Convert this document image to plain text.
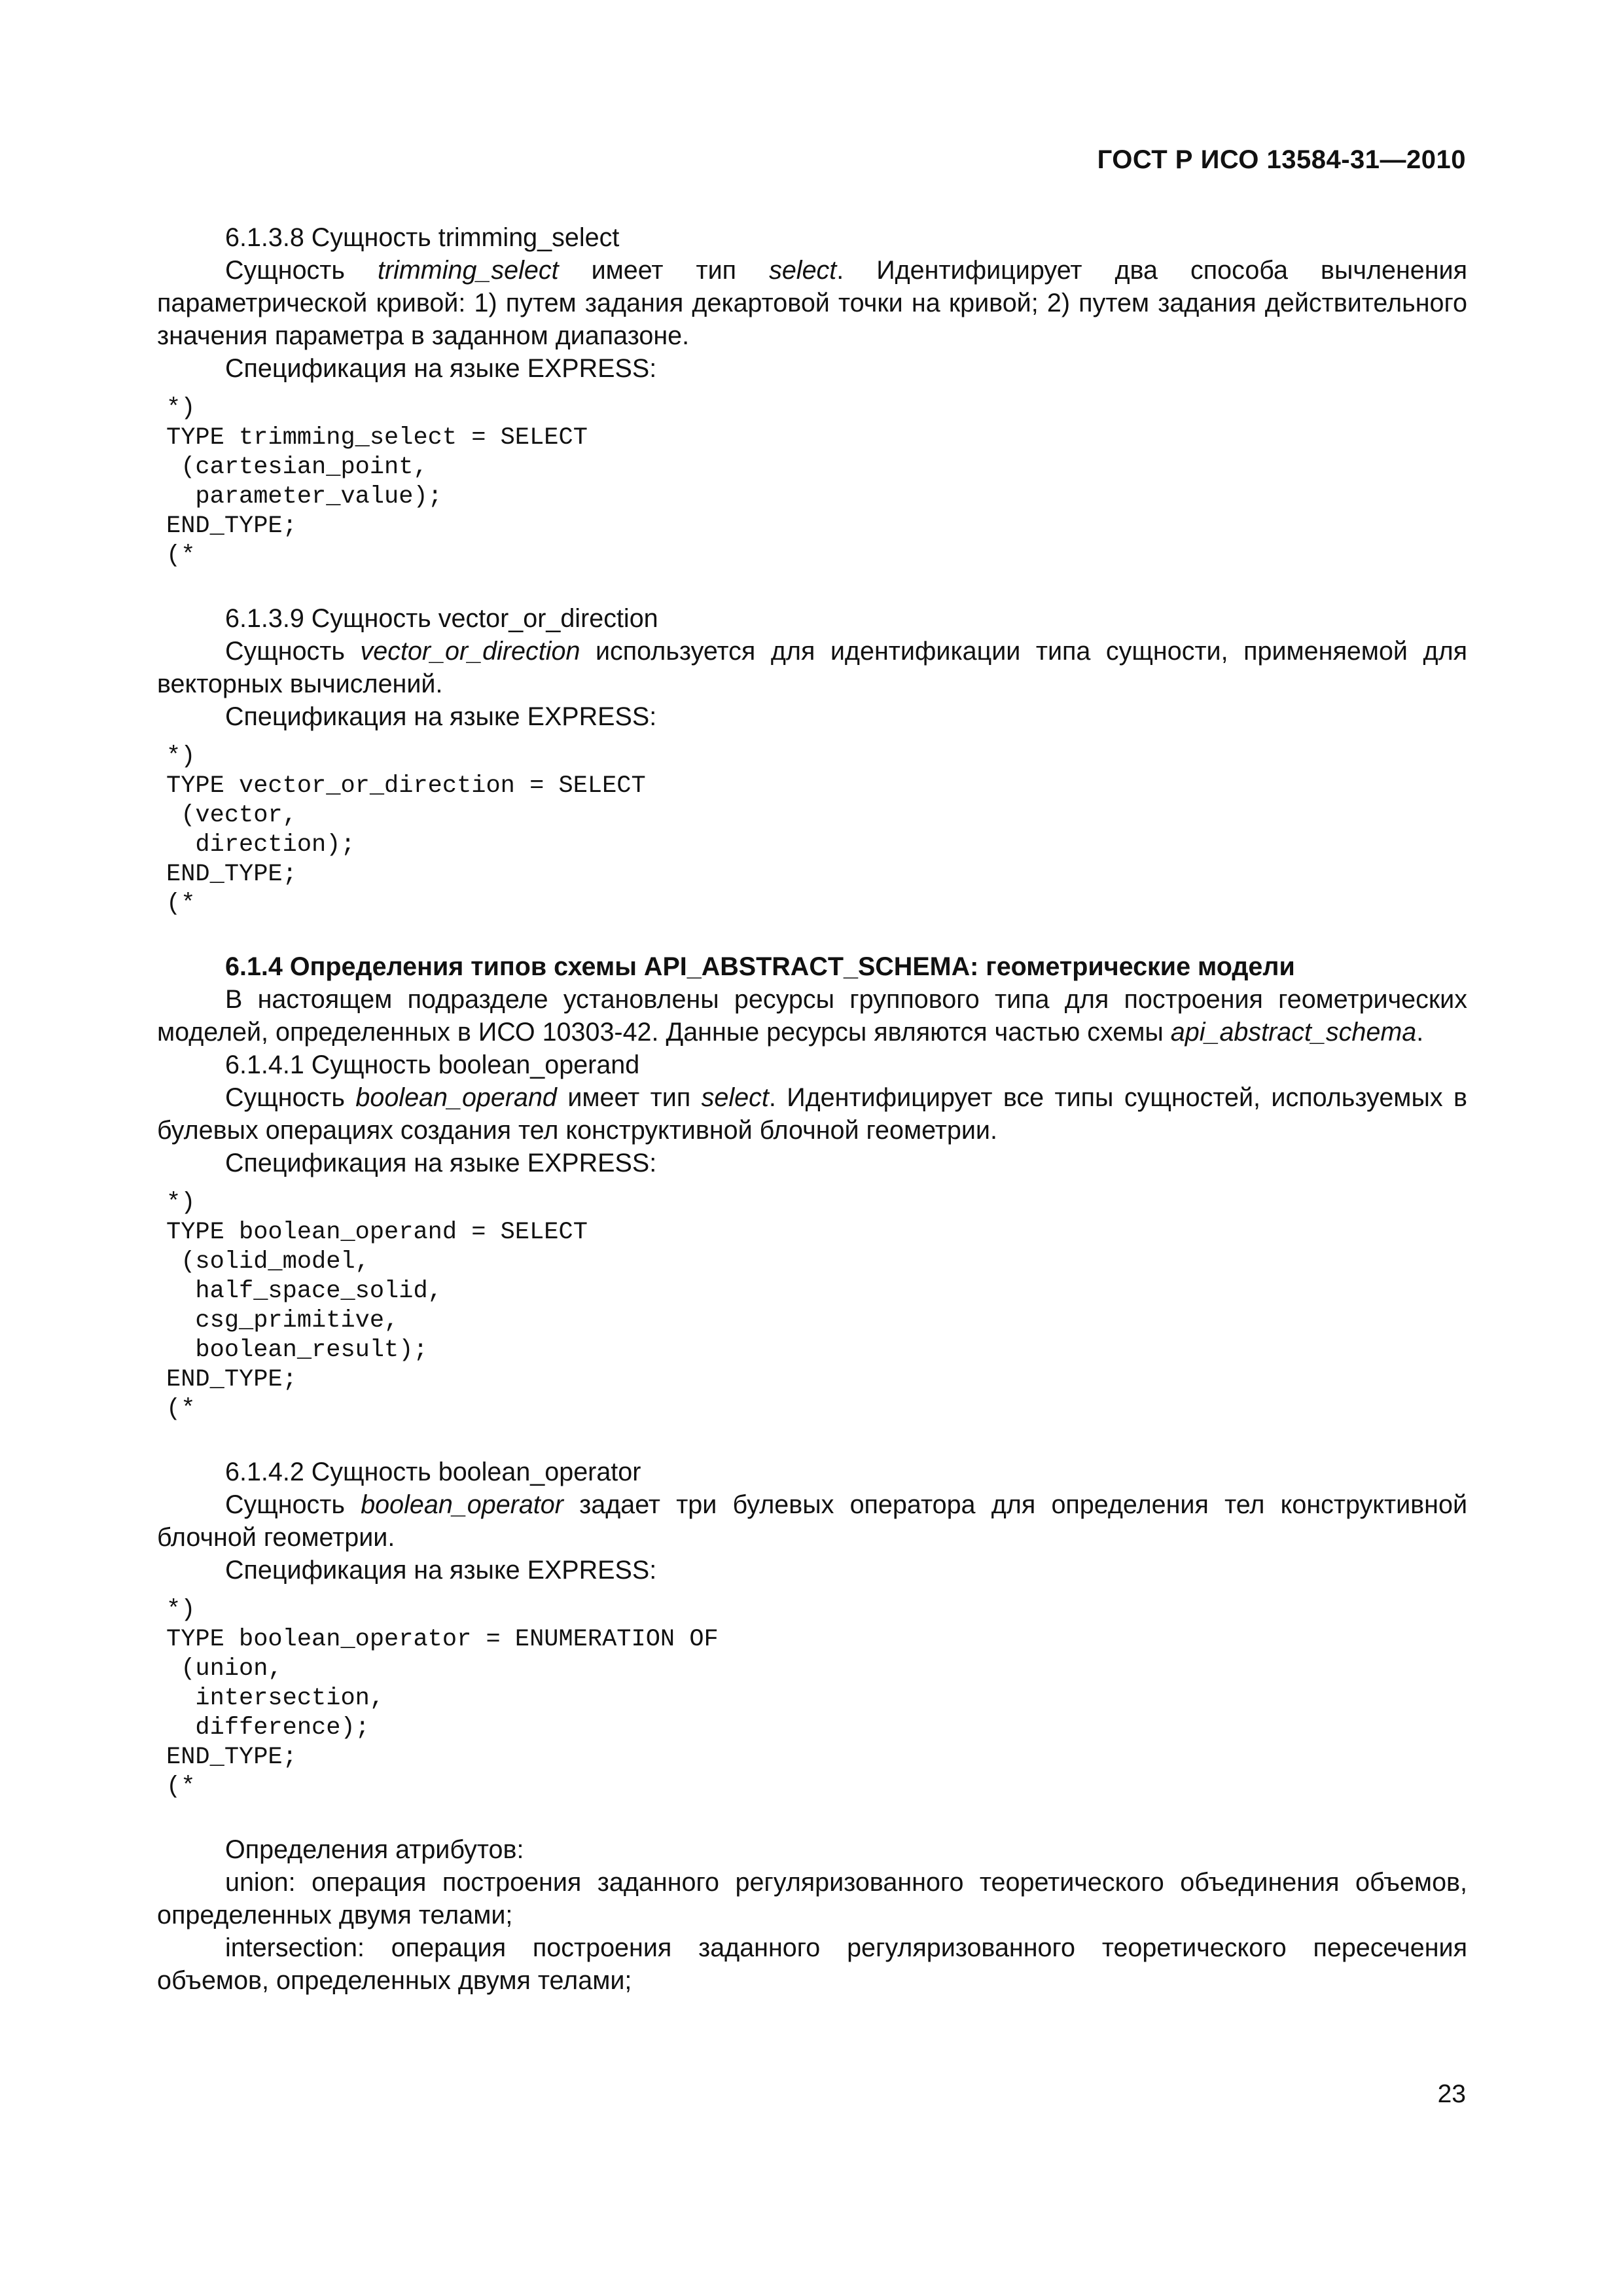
ГОСТ Р ИСО 13584-31—2010

6.1.3.8 Сущность trimming_select

Сущность trimming_select имеет тип select. Идентифицирует два способа вычленения параметрической кривой: 1) путем задания декартовой точки на кривой; 2) путем задания действительного значения параметра в заданном диапазоне.

Спецификация на языке EXPRESS:

*)
TYPE trimming_select = SELECT
(cartesian_point,
parameter_value);
END_TYPE;
(*

6.1.3.9 Сущность vector_or_direction

Сущность vector_or_direction используется для идентификации типа сущности, применяемой для векторных вычислений.

Спецификация на языке EXPRESS:

*)
TYPE vector_or_direction = SELECT
(vector,
direction);
END_TYPE;
(*

6.1.4 Определения типов схемы API_ABSTRACT_SCHEMA: геометрические модели

В настоящем подразделе установлены ресурсы группового типа для построения геометрических моделей, определенных в ИСО 10303-42. Данные ресурсы являются частью схемы api_abstract_schema.

6.1.4.1 Сущность boolean_operand

Сущность boolean_operand имеет тип select. Идентифицирует все типы сущностей, используемых в булевых операциях создания тел конструктивной блочной геометрии.

Спецификация на языке EXPRESS:

*)
TYPE boolean_operand = SELECT
(solid_model,
half_space_solid,
csg_primitive,
boolean_result);
END_TYPE;
(*

6.1.4.2 Сущность boolean_operator

Сущность boolean_operator задает три булевых оператора для определения тел конструктивной блочной геометрии.

Спецификация на языке EXPRESS:

*)
TYPE boolean_operator = ENUMERATION OF
(union,
intersection,
difference);
END_TYPE;
(*

Определения атрибутов:

union: операция построения заданного регуляризованного теоретического объединения объемов, определенных двумя телами;

intersection: операция построения заданного регуляризованного теоретического пересечения объемов, определенных двумя телами;

23
